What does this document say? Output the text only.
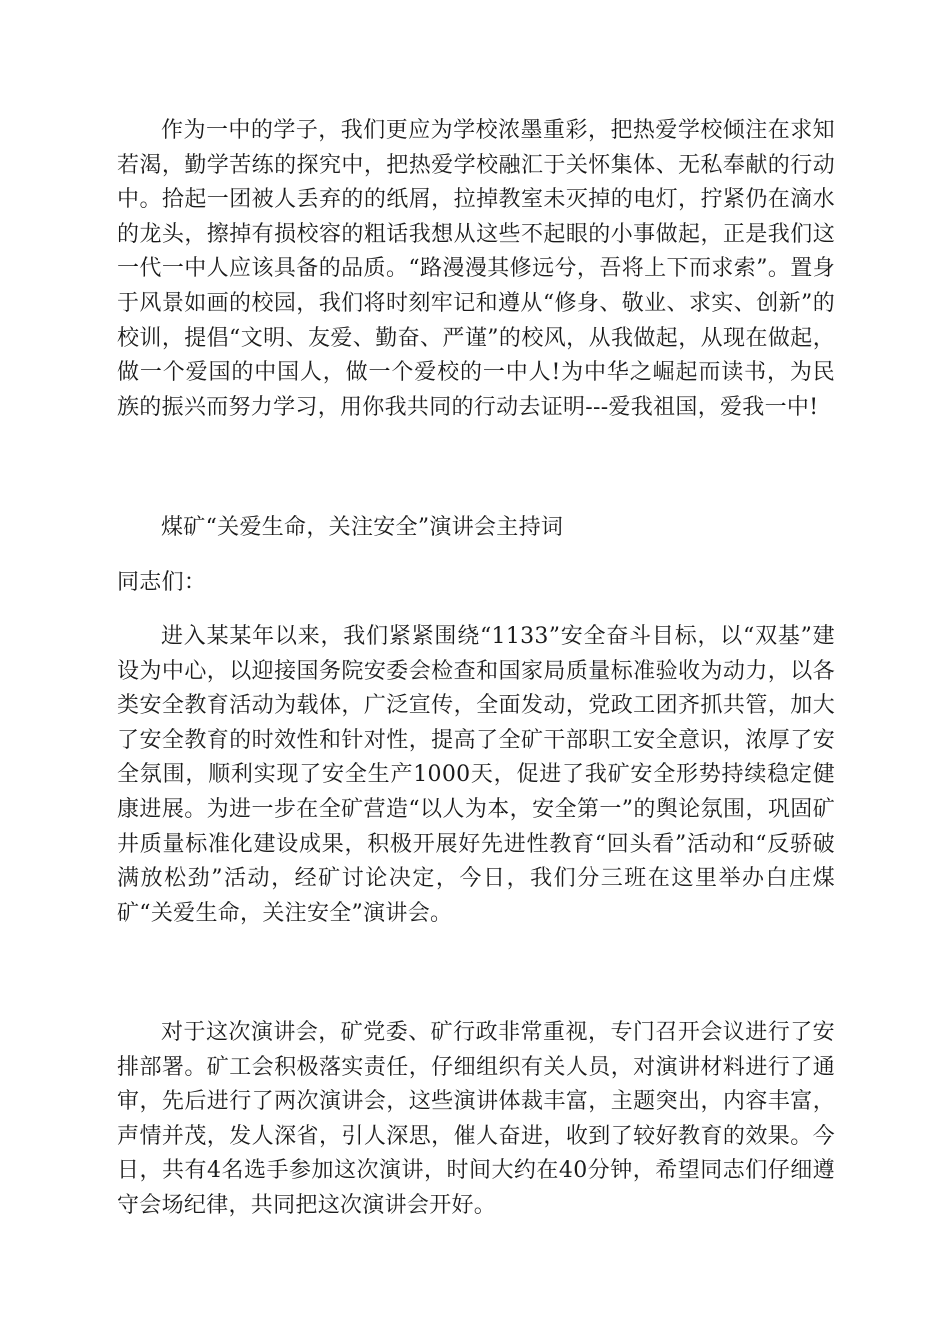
作为一中的学子，我们更应为学校浓墨重彩，把热爱学校倾注在求知若渴，勤学苦练的探究中，把热爱学校融汇于关怀集体、无私奉献的行动中。拾起一团被人丢弃的的纸屑，拉掉教室未灭掉的电灯，拧紧仍在滴水的龙头，擦掉有损校容的粗话我想从这些不起眼的小事做起，正是我们这一代一中人应该具备的品质。“路漫漫其修远兮，吾将上下而求索”。置身于风景如画的校园，我们将时刻牢记和遵从“修身、敬业、求实、创新”的校训，提倡“文明、友爱、勤奋、严谨”的校风，从我做起，从现在做起，做一个爱国的中国人，做一个爱校的一中人!为中华之崛起而读书，为民族的振兴而努力学习，用你我共同的行动去证明---爱我祖国，爱我一中!

煤矿“关爱生命，关注安全”演讲会主持词

同志们：

进入某某年以来，我们紧紧围绕“1133”安全奋斗目标，以“双基”建设为中心，以迎接国务院安委会检查和国家局质量标准验收为动力，以各类安全教育活动为载体，广泛宣传，全面发动，党政工团齐抓共管，加大了安全教育的时效性和针对性，提高了全矿干部职工安全意识，浓厚了安全氛围，顺利实现了安全生产1000天，促进了我矿安全形势持续稳定健康进展。为进一步在全矿营造“以人为本，安全第一”的舆论氛围，巩固矿井质量标准化建设成果，积极开展好先进性教育“回头看”活动和“反骄破满放松劲”活动，经矿讨论决定，今日，我们分三班在这里举办白庄煤矿“关爱生命，关注安全”演讲会。

对于这次演讲会，矿党委、矿行政非常重视，专门召开会议进行了安排部署。矿工会积极落实责任，仔细组织有关人员，对演讲材料进行了通审，先后进行了两次演讲会，这些演讲体裁丰富，主题突出，内容丰富，声情并茂，发人深省，引人深思，催人奋进，收到了较好教育的效果。今日，共有4名选手参加这次演讲，时间大约在40分钟，希望同志们仔细遵守会场纪律，共同把这次演讲会开好。
